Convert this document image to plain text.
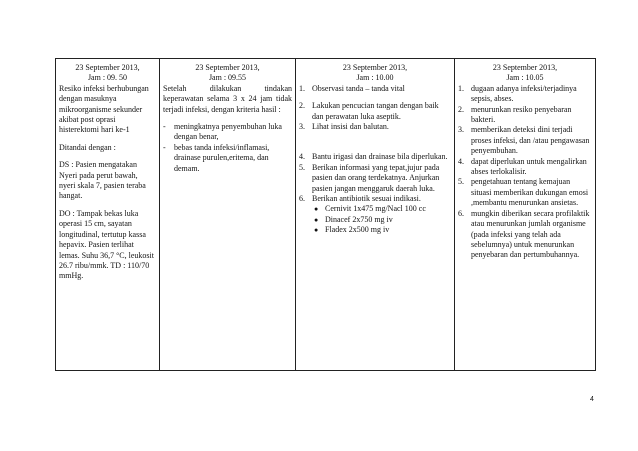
23 September 2013,
Jam : 09. 50
Resiko infeksi berhubungan dengan masuknya mikroorganisme sekunder akibat post oprasi histerektomi hari ke-1
Ditandai dengan :
DS : Pasien mengatakan Nyeri pada perut bawah, nyeri skala 7, pasien teraba hangat.
DO : Tampak bekas luka operasi 15 cm, sayatan longitudinal, tertutup kassa hepavix. Pasien terlihat lemas. Suhu 36,7 °C, leukosit 26.7 ribu/mmk. TD : 110/70 mmHg.

23 September 2013,
Jam : 09.55
Setelah dilakukan tindakan keperawatan selama 3 x 24 jam tidak terjadi infeksi, dengan kriteria hasil :
- meningkatnya penyembuhan luka dengan benar,
- bebas tanda infeksi/inflamasi, drainase purulen,eritema, dan demam.

23 September 2013,
Jam : 10.00
1. Observasi tanda – tanda vital
2. Lakukan pencucian tangan dengan baik dan perawatan luka aseptik.
3. Lihat insisi dan balutan.
4. Bantu irigasi dan drainase bila diperlukan.
5. Berikan informasi yang tepat,jujur pada pasien dan orang terdekatnya. Anjurkan pasien jangan menggaruk daerah luka.
6. Berikan antibiotik sesuai indikasi.
● Cernivit 1x475 mg/Nacl 100 cc
● Dinacef 2x750 mg iv
● Fladex 2x500 mg iv

23 September 2013,
Jam : 10.05
1. dugaan adanya infeksi/terjadinya sepsis, abses.
2. menurunkan resiko penyebaran bakteri.
3. memberikan deteksi dini terjadi proses infeksi, dan /atau pengawasan penyembuhan.
4. dapat diperlukan untuk mengalirkan abses terlokalisir.
5. pengetahuan tentang kemajuan situasi memberikan dukungan emosi ,membantu menurunkan ansietas.
6. mungkin diberikan secara profilaktik atau menurunkan jumlah organisme (pada infeksi yang telah ada sebelumnya) untuk menurunkan penyebaran dan pertumbuhannya.
4
